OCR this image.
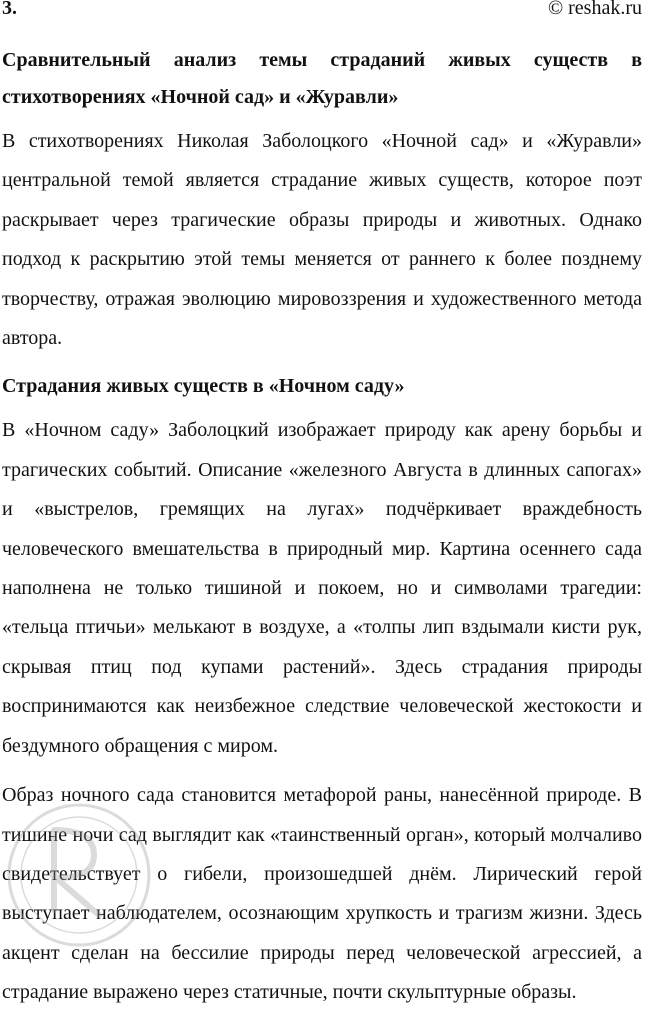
3.	© reshak.ru

Сравнительный анализ темы страданий живых существ в стихотворениях «Ночной сад» и «Журавли»

В стихотворениях Николая Заболоцкого «Ночной сад» и «Журавли» центральной темой является страдание живых существ, которое поэт раскрывает через трагические образы природы и животных. Однако подход к раскрытию этой темы меняется от раннего к более позднему творчеству, отражая эволюцию мировоззрения и художественного метода автора.

Страдания живых существ в «Ночном саду»

В «Ночном саду» Заболоцкий изображает природу как арену борьбы и трагических событий. Описание «железного Августа в длинных сапогах» и «выстрелов, гремящих на лугах» подчёркивает враждебность человеческого вмешательства в природный мир. Картина осеннего сада наполнена не только тишиной и покоем, но и символами трагедии: «тельца птичьи» мелькают в воздухе, а «толпы лип вздымали кисти рук, скрывая птиц под купами растений». Здесь страдания природы воспринимаются как неизбежное следствие человеческой жестокости и бездумного обращения с миром.

Образ ночного сада становится метафорой раны, нанесённой природе. В тишине ночи сад выглядит как «таинственный орган», который молчаливо свидетельствует о гибели, произошедшей днём. Лирический герой выступает наблюдателем, осознающим хрупкость и трагизм жизни. Здесь акцент сделан на бессилие природы перед человеческой агрессией, а страдание выражено через статичные, почти скульптурные образы.
